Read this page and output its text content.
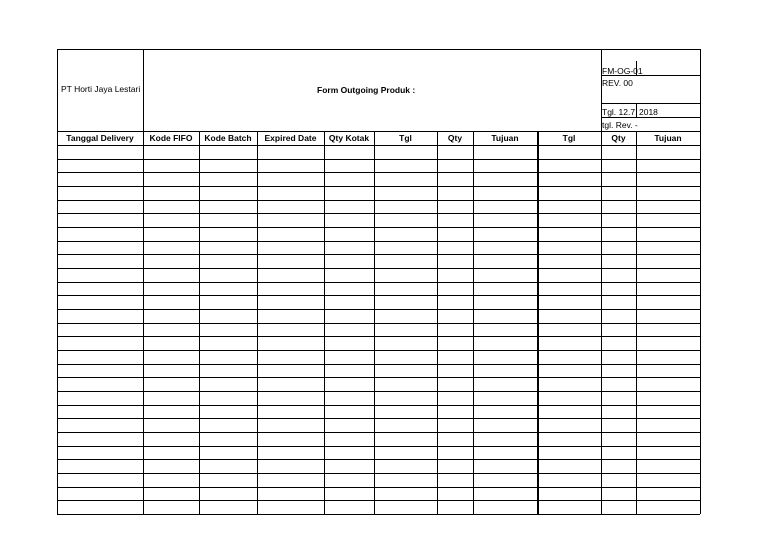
PT Horti Jaya Lestari	Form Outgoing Produk :
FM-OG-01
REV. 00
Tgl. 12.7. 2018
tgl. Rev. -
Tanggal Delivery	Kode FIFO	Kode Batch	Expired Date	Qty Kotak	Tgl	Qty	Tujuan	Tgl	Qty	Tujuan
